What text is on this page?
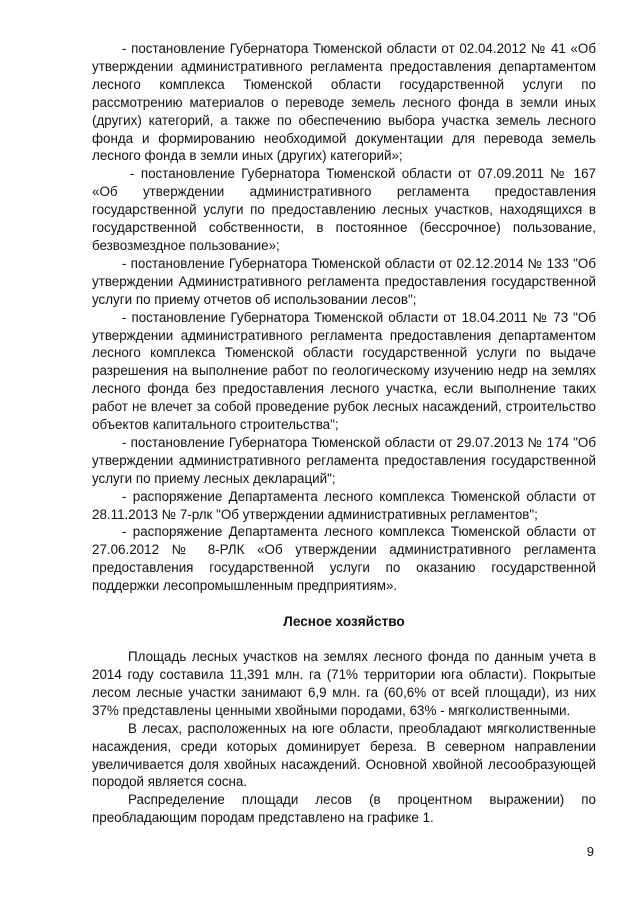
- постановление Губернатора Тюменской области от 02.04.2012 № 41 «Об утверждении административного регламента предоставления департаментом лесного комплекса Тюменской области государственной услуги по рассмотрению материалов о переводе земель лесного фонда в земли иных (других) категорий, а также по обеспечению выбора участка земель лесного фонда и формированию необходимой документации для перевода земель лесного фонда в земли иных (других) категорий»;

- постановление Губернатора Тюменской области от 07.09.2011 № 167 «Об утверждении административного регламента предоставления государственной услуги по предоставлению лесных участков, находящихся в государственной собственности, в постоянное (бессрочное) пользование, безвозмездное пользование»;

- постановление Губернатора Тюменской области от 02.12.2014 № 133 "Об утверждении Административного регламента предоставления государственной услуги по приему отчетов об использовании лесов";

- постановление Губернатора Тюменской области от 18.04.2011 № 73 "Об утверждении административного регламента предоставления департаментом лесного комплекса Тюменской области государственной услуги по выдаче разрешения на выполнение работ по геологическому изучению недр на землях лесного фонда без предоставления лесного участка, если выполнение таких работ не влечет за собой проведение рубок лесных насаждений, строительство объектов капитального строительства";

- постановление Губернатора Тюменской области от 29.07.2013 № 174 "Об утверждении административного регламента предоставления государственной услуги по приему лесных деклараций";

- распоряжение Департамента лесного комплекса Тюменской области от 28.11.2013 № 7-рлк "Об утверждении административных регламентов";

- распоряжение Департамента лесного комплекса Тюменской области от 27.06.2012 № 8-РЛК «Об утверждении административного регламента предоставления государственной услуги по оказанию государственной поддержки лесопромышленным предприятиям».

Лесное хозяйство

Площадь лесных участков на землях лесного фонда по данным учета в 2014 году составила 11,391 млн. га (71% территории юга области). Покрытые лесом лесные участки занимают 6,9 млн. га (60,6% от всей площади), из них 37% представлены ценными хвойными породами, 63% - мягколиственными.

В лесах, расположенных на юге области, преобладают мягколиственные насаждения, среди которых доминирует береза. В северном направлении увеличивается доля хвойных насаждений. Основной хвойной лесообразующей породой является сосна.

Распределение площади лесов (в процентном выражении) по преобладающим породам представлено на графике 1.

9
